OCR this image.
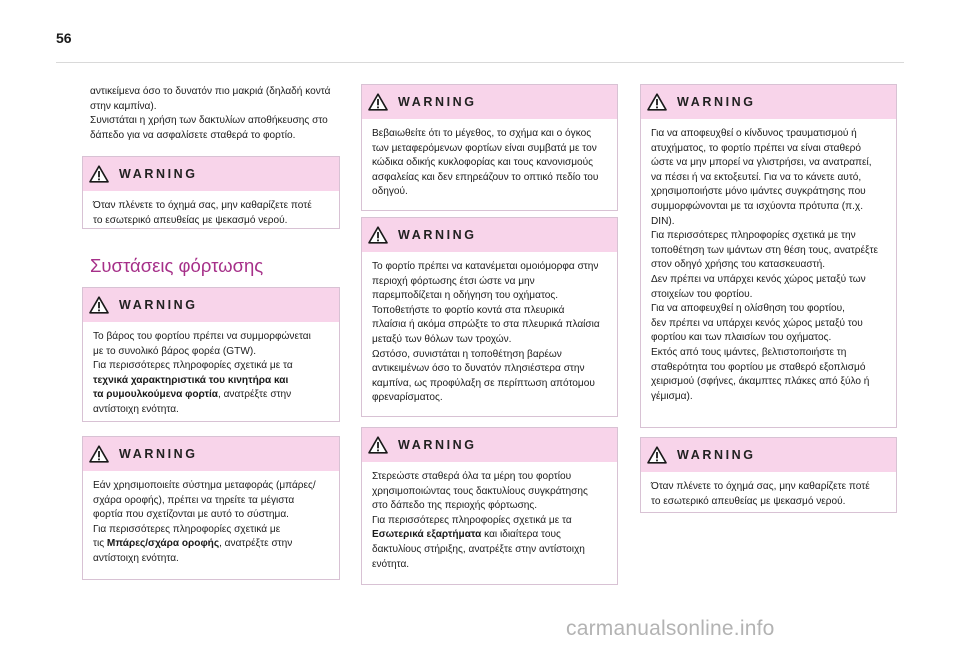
56

αντικείμενα όσο το δυνατόν πιο μακριά (δηλαδή κοντά

στην καμπίνα).

Συνιστάται η χρήση των δακτυλίων αποθήκευσης στο

δάπεδο για να ασφαλίσετε σταθερά το φορτίο.

WARNING

Όταν πλένετε το όχημά σας, μην καθαρίζετε ποτέ

το εσωτερικό απευθείας με ψεκασμό νερού.

Συστάσεις φόρτωσης
WARNING

Το βάρος του φορτίου πρέπει να συμμορφώνεται

με το συνολικό βάρος φορέα (GTW).

Για περισσότερες πληροφορίες σχετικά με τα

τεχνικά χαρακτηριστικά του κινητήρα και

τα ρυμουλκούμενα φορτία, ανατρέξτε στην

αντίστοιχη ενότητα.

WARNING

Εάν χρησιμοποιείτε σύστημα μεταφοράς (μπάρες/

σχάρα οροφής), πρέπει να τηρείτε τα μέγιστα

φορτία που σχετίζονται με αυτό το σύστημα.

Για περισσότερες πληροφορίες σχετικά με

τις Μπάρες/σχάρα οροφής, ανατρέξτε στην

αντίστοιχη ενότητα.

WARNING

Βεβαιωθείτε ότι το μέγεθος, το σχήμα και ο όγκος

των μεταφερόμενων φορτίων είναι συμβατά με τον

κώδικα οδικής κυκλοφορίας και τους κανονισμούς

ασφαλείας και δεν επηρεάζουν το οπτικό πεδίο του

οδηγού.

WARNING

Το φορτίο πρέπει να κατανέμεται ομοιόμορφα στην

περιοχή φόρτωσης έτσι ώστε να μην

παρεμποδίζεται η οδήγηση του οχήματος.

Τοποθετήστε το φορτίο κοντά στα πλευρικά

πλαίσια ή ακόμα σπρώξτε το στα πλευρικά πλαίσια

μεταξύ των θόλων των τροχών.

Ωστόσο, συνιστάται η τοποθέτηση βαρέων

αντικειμένων όσο το δυνατόν πλησιέστερα στην

καμπίνα, ως προφύλαξη σε περίπτωση απότομου

φρεναρίσματος.

WARNING

Στερεώστε σταθερά όλα τα μέρη του φορτίου

χρησιμοποιώντας τους δακτυλίους συγκράτησης

στο δάπεδο της περιοχής φόρτωσης.

Για περισσότερες πληροφορίες σχετικά με τα

Εσωτερικά εξαρτήματα και ιδιαίτερα τους

δακτυλίους στήριξης, ανατρέξτε στην αντίστοιχη

ενότητα.

WARNING

Για να αποφευχθεί ο κίνδυνος τραυματισμού ή

ατυχήματος, το φορτίο πρέπει να είναι σταθερό

ώστε να μην μπορεί να γλιστρήσει, να ανατραπεί,

να πέσει ή να εκτοξευτεί. Για να το κάνετε αυτό,

χρησιμοποιήστε μόνο ιμάντες συγκράτησης που

συμμορφώνονται με τα ισχύοντα πρότυπα (π.χ.

DIN).

Για περισσότερες πληροφορίες σχετικά με την

τοποθέτηση των ιμάντων στη θέση τους, ανατρέξτε

στον οδηγό χρήσης του κατασκευαστή.

Δεν πρέπει να υπάρχει κενός χώρος μεταξύ των

στοιχείων του φορτίου.

Για να αποφευχθεί η ολίσθηση του φορτίου,

δεν πρέπει να υπάρχει κενός χώρος μεταξύ του

φορτίου και των πλαισίων του οχήματος.

Εκτός από τους ιμάντες, βελτιστοποιήστε τη

σταθερότητα του φορτίου με σταθερό εξοπλισμό

χειρισμού (σφήνες, άκαμπτες πλάκες από ξύλο ή

γέμισμα).

WARNING

Όταν πλένετε το όχημά σας, μην καθαρίζετε ποτέ

το εσωτερικό απευθείας με ψεκασμό νερού.

carmanualsonline.info
